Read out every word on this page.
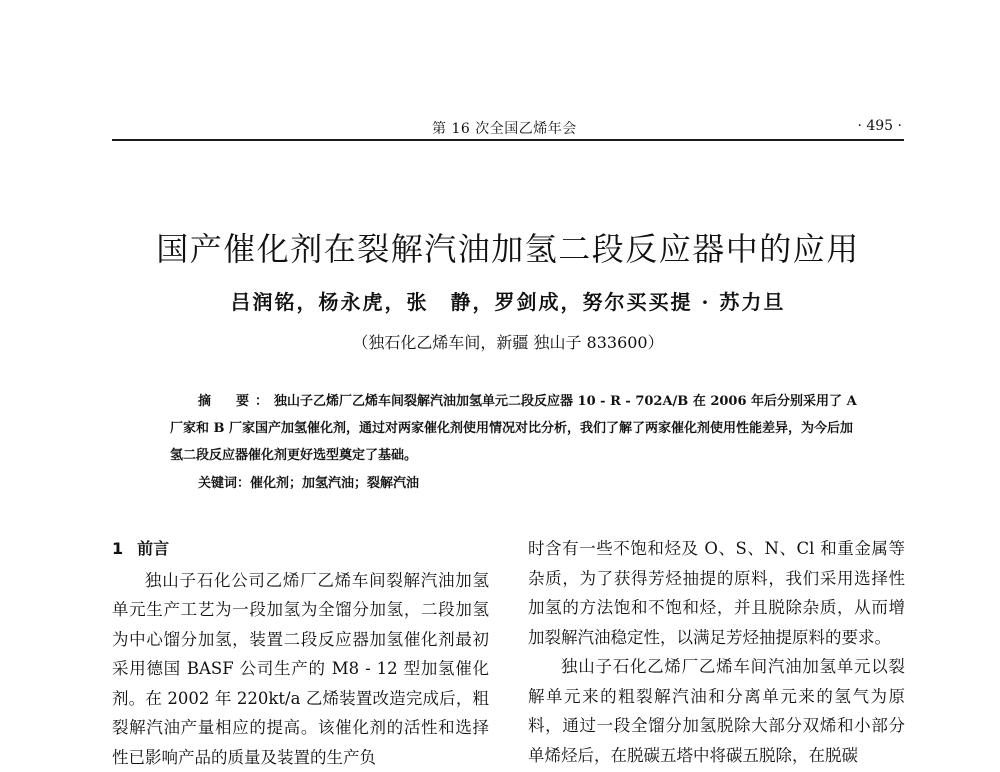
第 16 次全国乙烯年会	· 495 ·
国产催化剂在裂解汽油加氢二段反应器中的应用
吕润铭，杨永虎，张　静，罗剑成，努尔买买提 · 苏力旦
（独石化乙烯车间，新疆 独山子 833600）
摘　要：独山子乙烯厂乙烯车间裂解汽油加氢单元二段反应器 10 - R - 702A/B 在 2006 年后分别采用了 A 厂家和 B 厂家国产加氢催化剂，通过对两家催化剂使用情况对比分析，我们了解了两家催化剂使用性能差异，为今后加氢二段反应器催化剂更好选型奠定了基础。
关键词：催化剂；加氢汽油；裂解汽油
1 前言

独山子石化公司乙烯厂乙烯车间裂解汽油加氢单元生产工艺为一段加氢为全馏分加氢，二段加氢为中心馏分加氢，装置二段反应器加氢催化剂最初采用德国 BASF 公司生产的 M8 - 12 型加氢催化剂。在 2002 年 220kt/a 乙烯装置改造完成后，粗裂解汽油产量相应的提高。该催化剂的活性和选择性已影响产品的质量及装置的生产负

时含有一些不饱和烃及 O、S、N、Cl 和重金属等杂质，为了获得芳烃抽提的原料，我们采用选择性加氢的方法饱和不饱和烃，并且脱除杂质，从而增加裂解汽油稳定性，以满足芳烃抽提原料的要求。

独山子石化乙烯厂乙烯车间汽油加氢单元以裂解单元来的粗裂解汽油和分离单元来的氢气为原料，通过一段全馏分加氢脱除大部分双烯和小部分单烯烃后，在脱碳五塔中将碳五脱除，在脱碳
